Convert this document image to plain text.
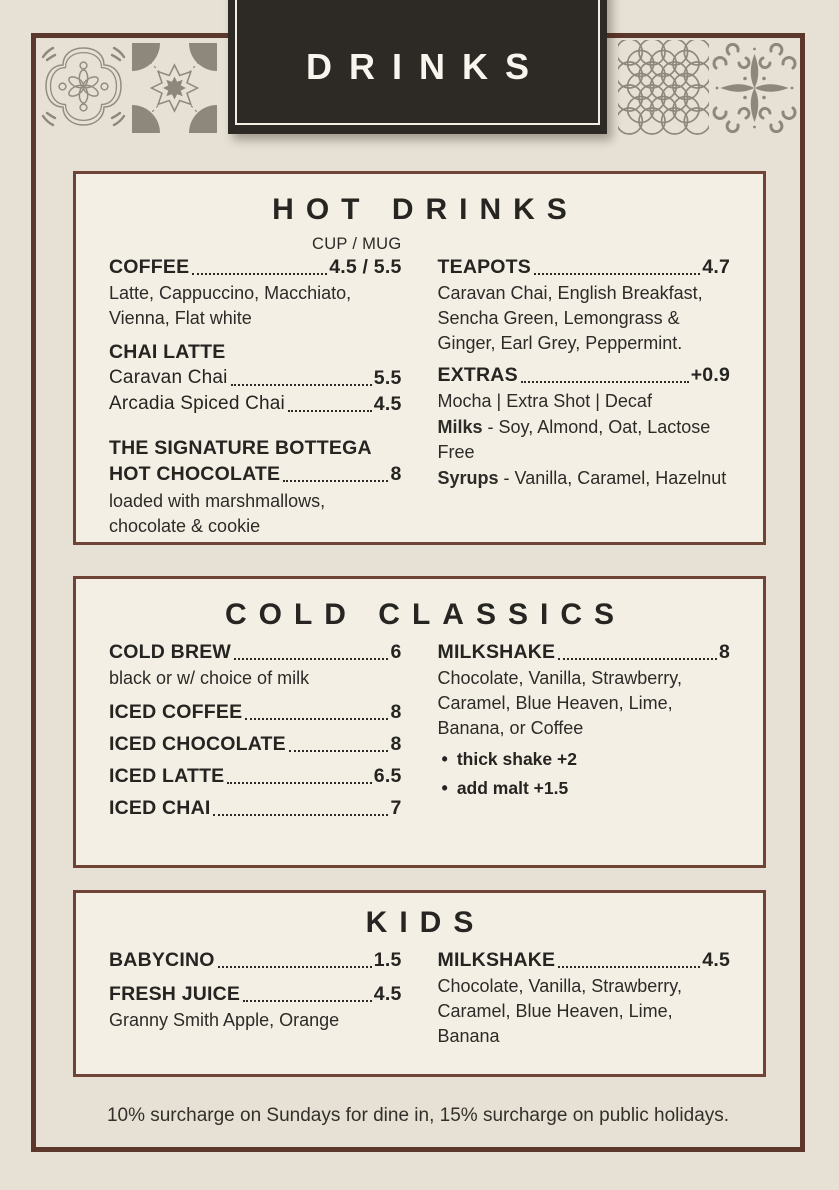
DRINKS
HOT DRINKS
CUP / MUG
COFFEE	4.5 / 5.5

Latte, Cappuccino, Macchiato, Vienna, Flat white

CHAI LATTE
Caravan Chai	5.5
Arcadia Spiced Chai	4.5
THE SIGNATURE BOTTEGA
HOT CHOCOLATE	8

loaded with marshmallows, chocolate & cookie

TEAPOTS	4.7

Caravan Chai, English Breakfast, Sencha Green, Lemongrass & Ginger, Earl Grey, Peppermint.

EXTRAS	+0.9

Mocha | Extra Shot | Decaf

Milks - Soy, Almond, Oat, Lactose Free

Syrups - Vanilla, Caramel, Hazelnut

COLD CLASSICS
COLD BREW	6

black or w/ choice of milk

ICED COFFEE	8
ICED CHOCOLATE	8
ICED LATTE	6.5
ICED CHAI	7
MILKSHAKE	8

Chocolate, Vanilla, Strawberry, Caramel, Blue Heaven, Lime, Banana, or Coffee

•
thick shake +2
•
add malt +1.5
KIDS
BABYCINO	1.5
FRESH JUICE	4.5

Granny Smith Apple, Orange

MILKSHAKE	4.5

Chocolate, Vanilla, Strawberry, Caramel, Blue Heaven, Lime, Banana

10% surcharge on Sundays for dine in, 15% surcharge on public holidays.
